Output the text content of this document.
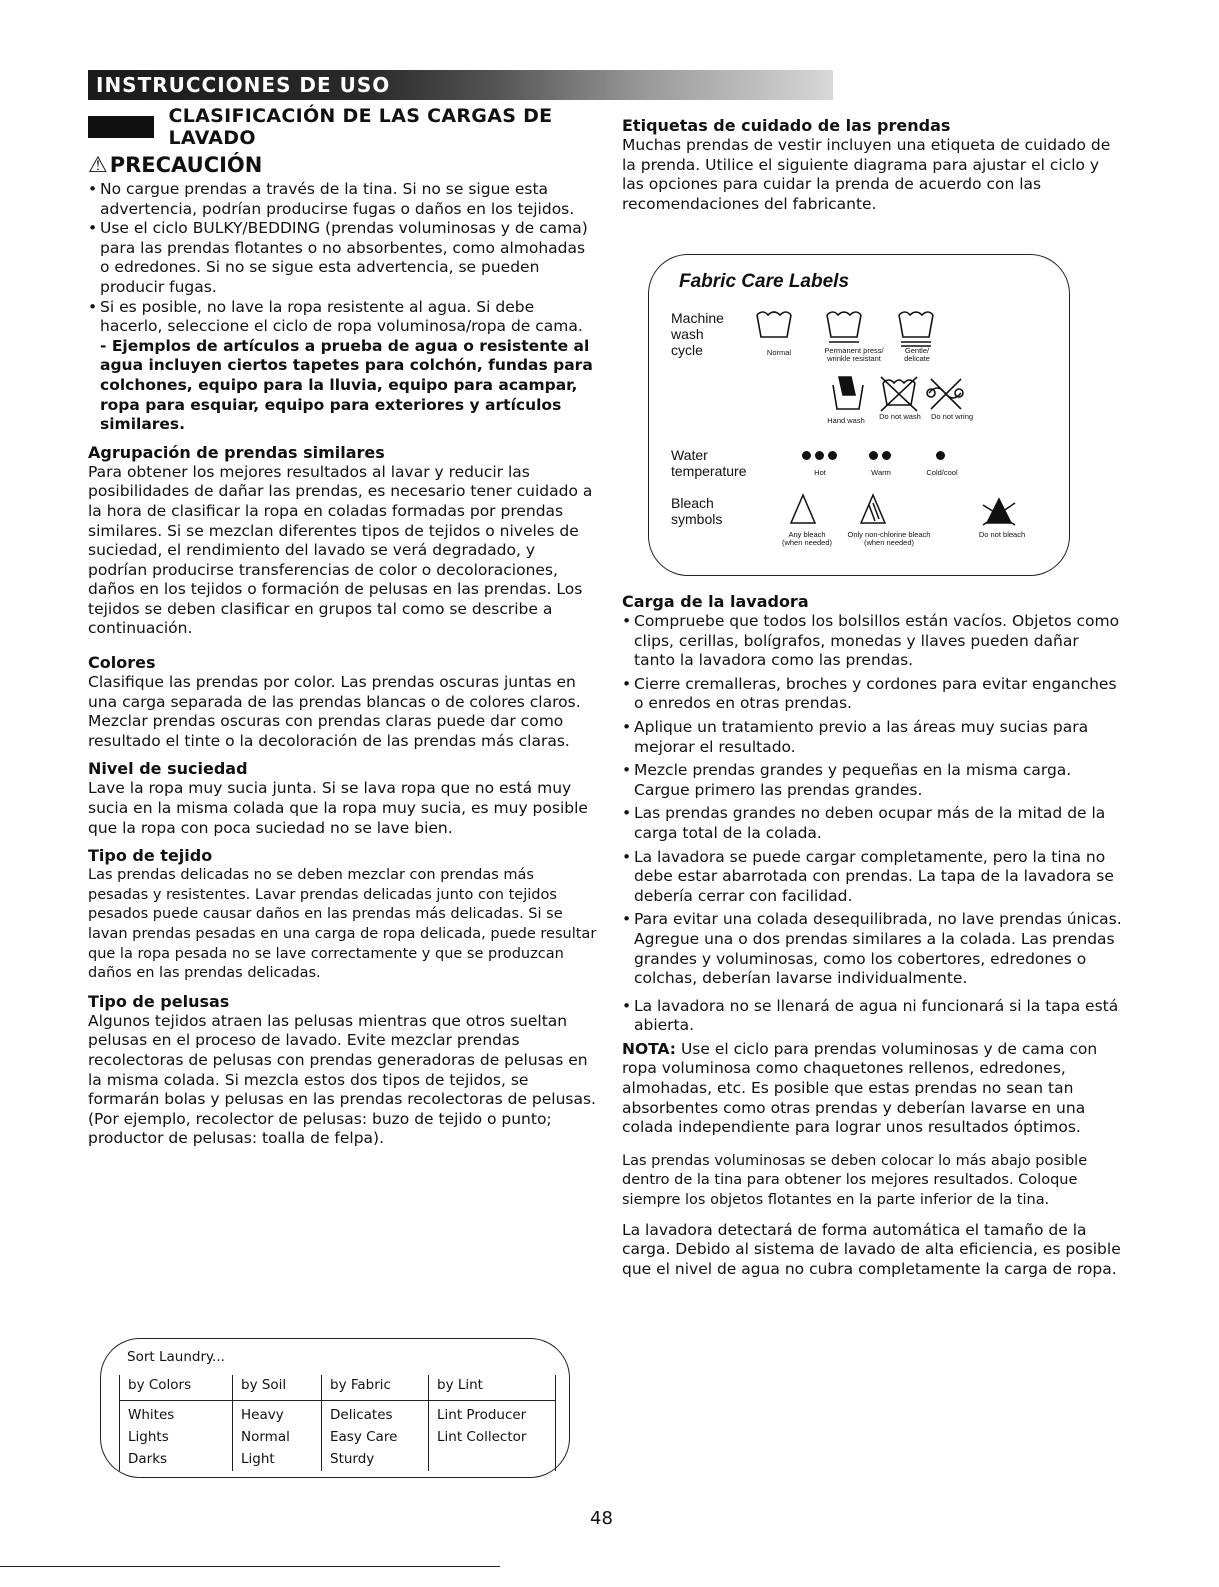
INSTRUCCIONES DE USO
CLASIFICACIÓN DE LAS CARGAS DE LAVADO
⚠ PRECAUCIÓN
• No cargue prendas a través de la tina. Si no se sigue esta advertencia, podrían producirse fugas o daños en los tejidos.
• Use el ciclo BULKY/BEDDING (prendas voluminosas y de cama) para las prendas flotantes o no absorbentes, como almohadas o edredones. Si no se sigue esta advertencia, se pueden producir fugas.
• Si es posible, no lave la ropa resistente al agua. Si debe hacerlo, seleccione el ciclo de ropa voluminosa/ropa de cama.

- Ejemplos de artículos a prueba de agua o resistente al agua incluyen ciertos tapetes para colchón, fundas para colchones, equipo para la lluvia, equipo para acampar, ropa para esquiar, equipo para exteriores y artículos similares.

Agrupación de prendas similares

Para obtener los mejores resultados al lavar y reducir las posibilidades de dañar las prendas, es necesario tener cuidado a la hora de clasificar la ropa en coladas formadas por prendas similares. Si se mezclan diferentes tipos de tejidos o niveles de suciedad, el rendimiento del lavado se verá degradado, y podrían producirse transferencias de color o decoloraciones, daños en los tejidos o formación de pelusas en las prendas. Los tejidos se deben clasificar en grupos tal como se describe a continuación.

Colores

Clasifique las prendas por color. Las prendas oscuras juntas en una carga separada de las prendas blancas o de colores claros. Mezclar prendas oscuras con prendas claras puede dar como resultado el tinte o la decoloración de las prendas más claras.

Nivel de suciedad

Lave la ropa muy sucia junta. Si se lava ropa que no está muy sucia en la misma colada que la ropa muy sucia, es muy posible que la ropa con poca suciedad no se lave bien.

Tipo de tejido

Las prendas delicadas no se deben mezclar con prendas más pesadas y resistentes. Lavar prendas delicadas junto con tejidos pesados puede causar daños en las prendas más delicadas. Si se lavan prendas pesadas en una carga de ropa delicada, puede resultar que la ropa pesada no se lave correctamente y que se produzcan daños en las prendas delicadas.

Tipo de pelusas

Algunos tejidos atraen las pelusas mientras que otros sueltan pelusas en el proceso de lavado. Evite mezclar prendas recolectoras de pelusas con prendas generadoras de pelusas en la misma colada. Si mezcla estos dos tipos de tejidos, se formarán bolas y pelusas en las prendas recolectoras de pelusas. (Por ejemplo, recolector de pelusas: buzo de tejido o punto; productor de pelusas: toalla de felpa).

Sort Laundry...
by Colors	by Soil	by Fabric	by Lint
Whites	Heavy	Delicates	Lint Producer
Lights	Normal	Easy Care	Lint Collector
Darks	Light	Sturdy	
Etiquetas de cuidado de las prendas

Muchas prendas de vestir incluyen una etiqueta de cuidado de la prenda. Utilice el siguiente diagrama para ajustar el ciclo y las opciones para cuidar la prenda de acuerdo con las recomendaciones del fabricante.

Fabric Care Labels
Machine
wash
cycle	Normal	Permanent press/
wrinkle resistant
Gentle/
delicate
Hand wash	Do not wash	Do not wring
Water
temperature	Hot	Warm	Cold/cool
Bleach
symbols
Any bleach
(when needed)
Only non-chlorine bleach
(when needed)
Do not bleach
Carga de la lavadora
• Compruebe que todos los bolsillos están vacíos. Objetos como clips, cerillas, bolígrafos, monedas y llaves pueden dañar tanto la lavadora como las prendas.
• Cierre cremalleras, broches y cordones para evitar enganches o enredos en otras prendas.
• Aplique un tratamiento previo a las áreas muy sucias para mejorar el resultado.
• Mezcle prendas grandes y pequeñas en la misma carga. Cargue primero las prendas grandes.
• Las prendas grandes no deben ocupar más de la mitad de la carga total de la colada.
• La lavadora se puede cargar completamente, pero la tina no debe estar abarrotada con prendas. La tapa de la lavadora se debería cerrar con facilidad.
• Para evitar una colada desequilibrada, no lave prendas únicas. Agregue una o dos prendas similares a la colada. Las prendas grandes y voluminosas, como los cobertores, edredones o colchas, deberían lavarse individualmente.
• La lavadora no se llenará de agua ni funcionará si la tapa está abierta.

NOTA: Use el ciclo para prendas voluminosas y de cama con ropa voluminosa como chaquetones rellenos, edredones, almohadas, etc. Es posible que estas prendas no sean tan absorbentes como otras prendas y deberían lavarse en una colada independiente para lograr unos resultados óptimos.

Las prendas voluminosas se deben colocar lo más abajo posible dentro de la tina para obtener los mejores resultados. Coloque siempre los objetos flotantes en la parte inferior de la tina.

La lavadora detectará de forma automática el tamaño de la carga. Debido al sistema de lavado de alta eficiencia, es posible que el nivel de agua no cubra completamente la carga de ropa.

48
